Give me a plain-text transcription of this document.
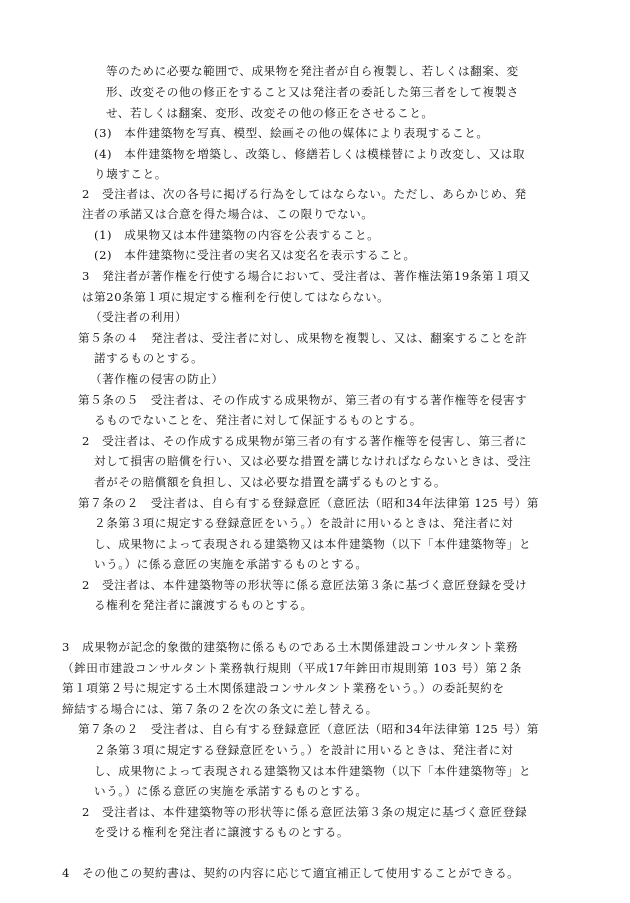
等のために必要な範囲で、成果物を発注者が自ら複製し、若しくは翻案、変

形、改変その他の修正をすること又は発注者の委託した第三者をして複製さ

せ、若しくは翻案、変形、改変その他の修正をさせること。

(3)　本件建築物を写真、模型、絵画その他の媒体により表現すること。

(4)　本件建築物を増築し、改築し、修繕若しくは模様替により改変し、又は取

り壊すこと。

2　受注者は、次の各号に掲げる行為をしてはならない。ただし、あらかじめ、発

注者の承諾又は合意を得た場合は、この限りでない。

(1)　成果物又は本件建築物の内容を公表すること。

(2)　本件建築物に受注者の実名又は変名を表示すること。

3　発注者が著作権を行使する場合において、受注者は、著作権法第19条第１項又

は第20条第１項に規定する権利を行使してはならない。

（受注者の利用）

第５条の４　発注者は、受注者に対し、成果物を複製し、又は、翻案することを許

諾するものとする。

（著作権の侵害の防止）

第５条の５　受注者は、その作成する成果物が、第三者の有する著作権等を侵害す

るものでないことを、発注者に対して保証するものとする。

2　受注者は、その作成する成果物が第三者の有する著作権等を侵害し、第三者に

対して損害の賠償を行い、又は必要な措置を講じなければならないときは、受注

者がその賠償額を負担し、又は必要な措置を講ずるものとする。

第７条の２　受注者は、自ら有する登録意匠（意匠法（昭和34年法律第 125 号）第

２条第３項に規定する登録意匠をいう。）を設計に用いるときは、発注者に対

し、成果物によって表現される建築物又は本件建築物（以下「本件建築物等」と

いう。）に係る意匠の実施を承諾するものとする。

2　受注者は、本件建築物等の形状等に係る意匠法第３条に基づく意匠登録を受け

る権利を発注者に譲渡するものとする。

3　成果物が記念的象徴的建築物に係るものである土木関係建設コンサルタント業務

（鉾田市建設コンサルタント業務執行規則（平成17年鉾田市規則第 103 号）第２条

第１項第２号に規定する土木関係建設コンサルタント業務をいう。）の委託契約を

締結する場合には、第７条の２を次の条文に差し替える。

第７条の２　受注者は、自ら有する登録意匠（意匠法（昭和34年法律第 125 号）第

２条第３項に規定する登録意匠をいう。）を設計に用いるときは、発注者に対

し、成果物によって表現される建築物又は本件建築物（以下「本件建築物等」と

いう。）に係る意匠の実施を承諾するものとする。

2　受注者は、本件建築物等の形状等に係る意匠法第３条の規定に基づく意匠登録

を受ける権利を発注者に譲渡するものとする。

4　その他この契約書は、契約の内容に応じて適宜補正して使用することができる。
